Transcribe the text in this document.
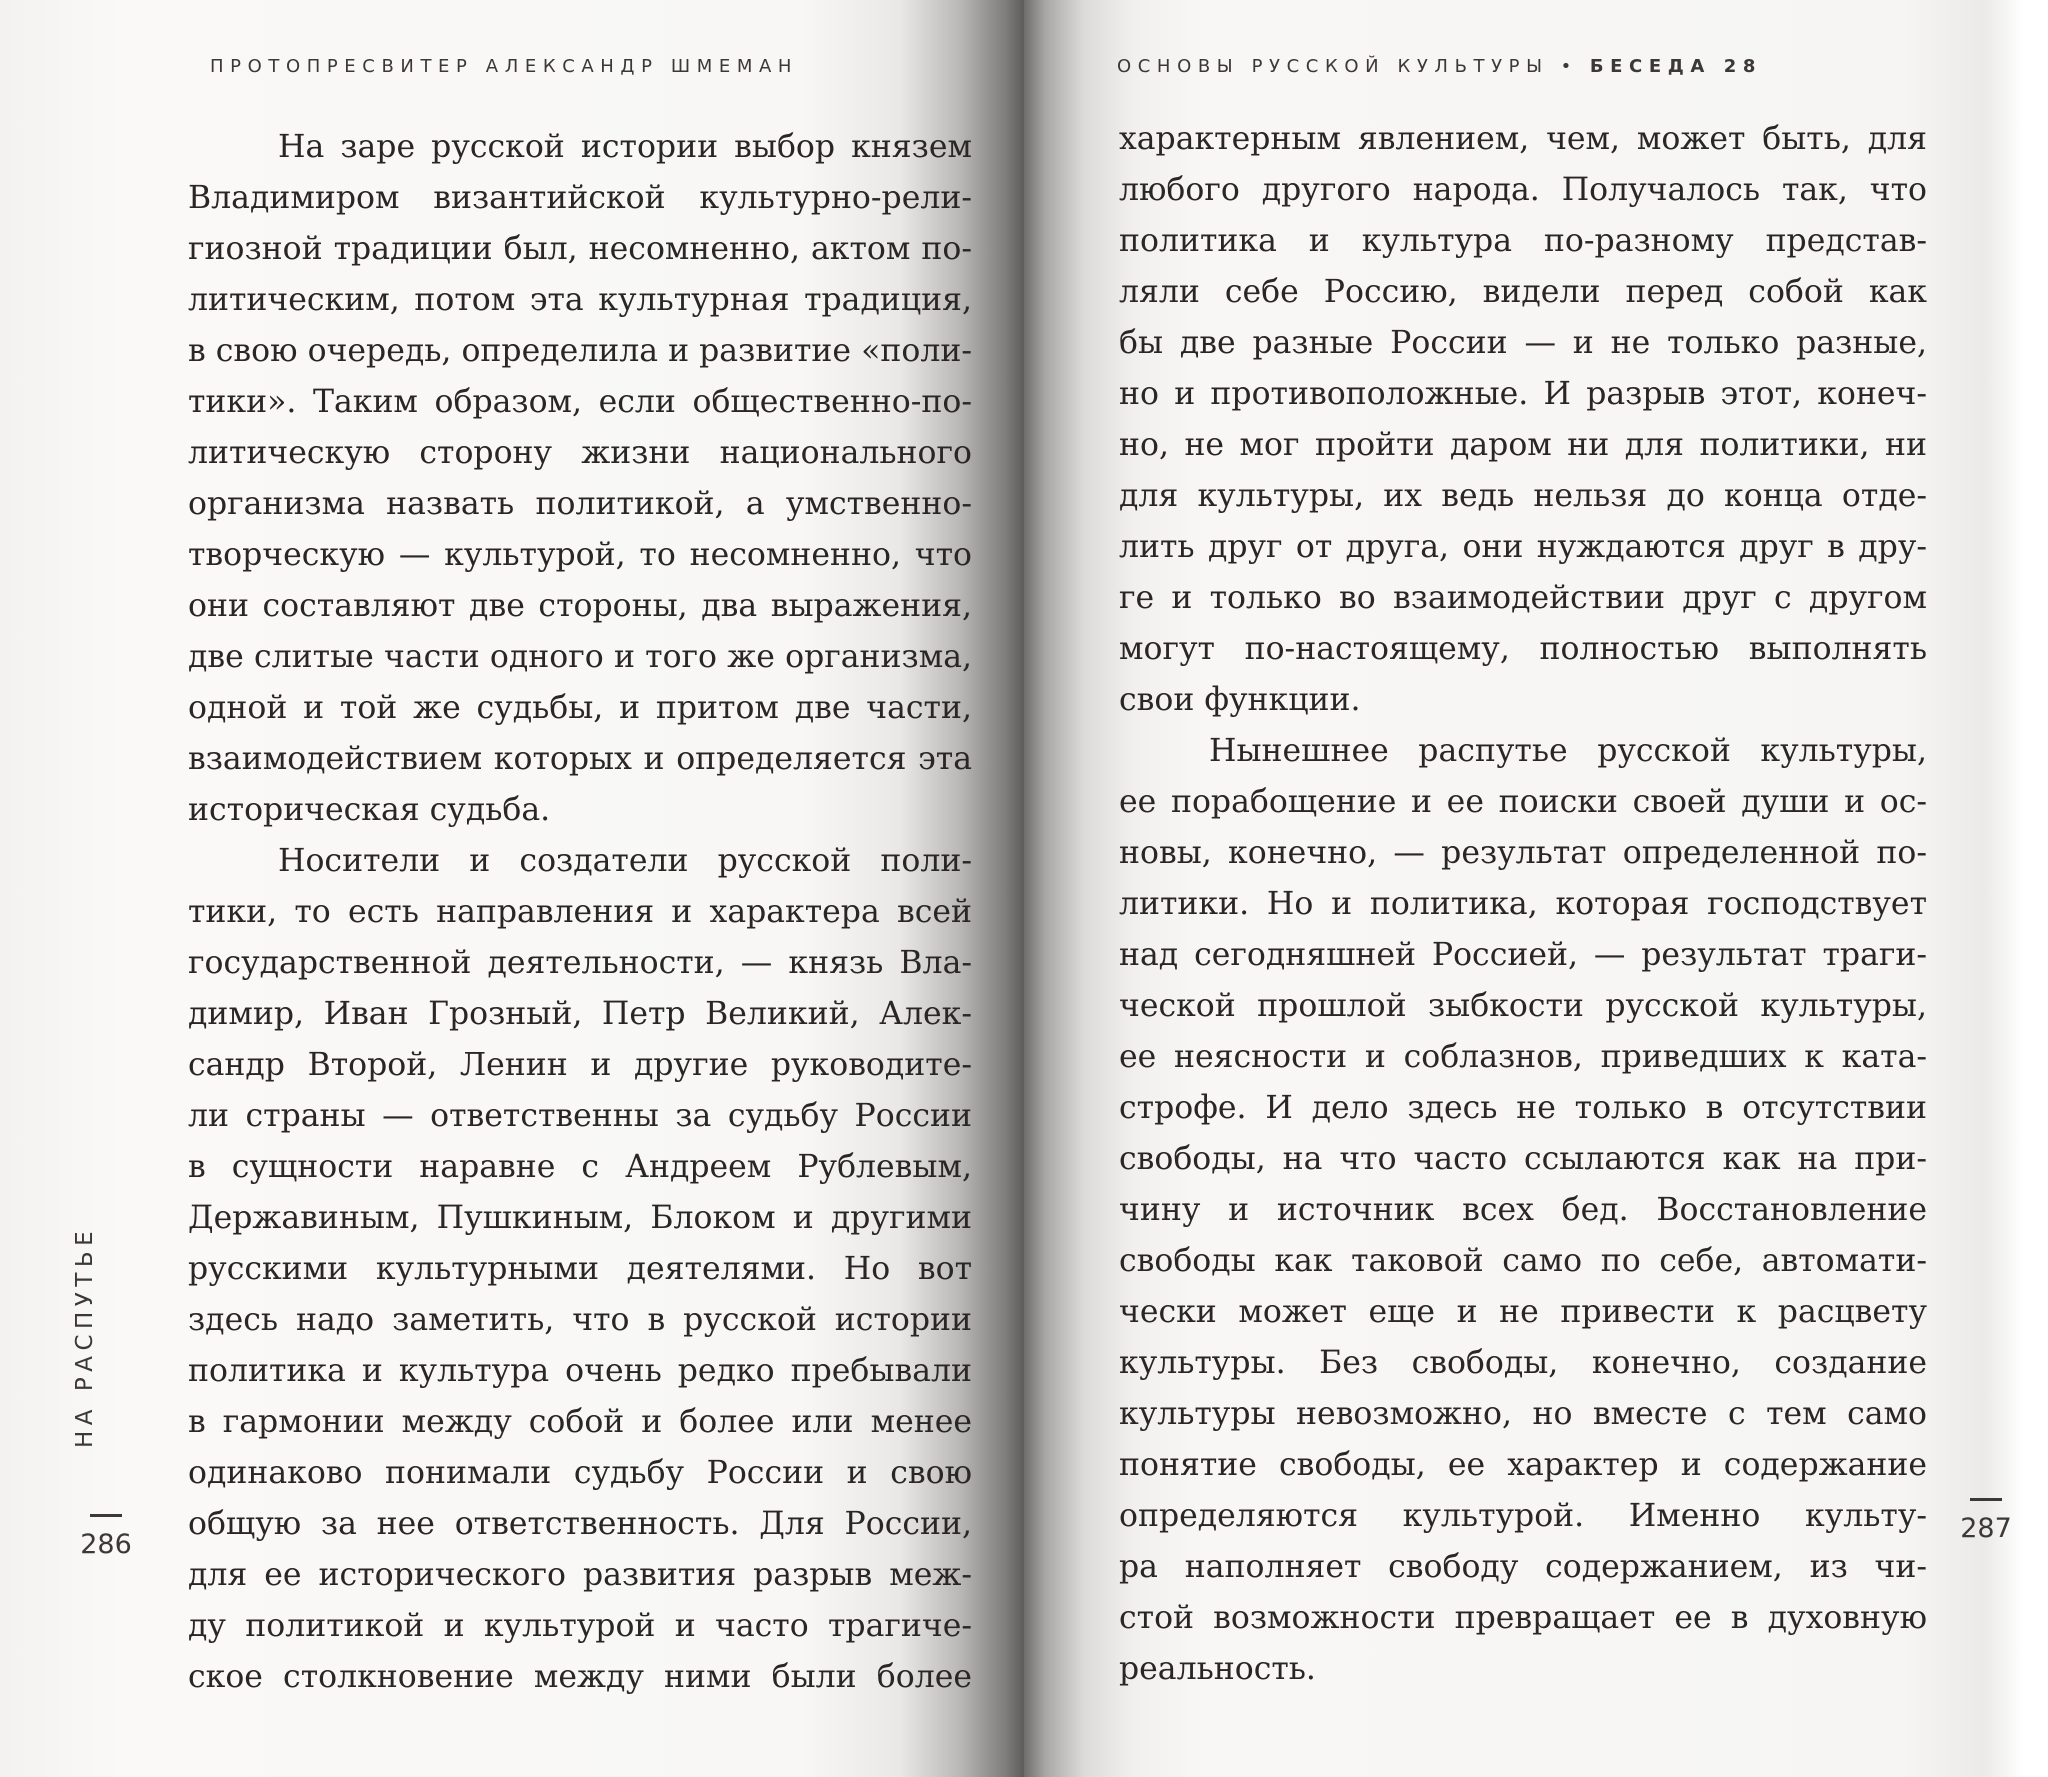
ПРОТОПРЕСВИТЕР АЛЕКСАНДР ШМЕМАН
На заре русской истории выбор князем
Владимиром византийской культурно-рели-
гиозной традиции был, несомненно, актом по-
литическим, потом эта культурная традиция,
в свою очередь, определила и развитие «поли-
тики». Таким образом, если общественно-по-
литическую сторону жизни национального
организма назвать политикой, а умственно-
творческую — культурой, то несомненно, что
они составляют две стороны, два выражения,
две слитые части одного и того же организма,
одной и той же судьбы, и притом две части,
взаимодействием которых и определяется эта
историческая судьба.
Носители и создатели русской поли-
тики, то есть направления и характера всей
государственной деятельности, — князь Вла-
димир, Иван Грозный, Петр Великий, Алек-
сандр Второй, Ленин и другие руководите-
ли страны — ответственны за судьбу России
в сущности наравне с Андреем Рублевым,
Державиным, Пушкиным, Блоком и другими
русскими культурными деятелями. Но вот
здесь надо заметить, что в русской истории
политика и культура очень редко пребывали
в гармонии между собой и более или менее
одинаково понимали судьбу России и свою
общую за нее ответственность. Для России,
для ее исторического развития разрыв меж-
ду политикой и культурой и часто трагиче-
ское столкновение между ними были более
НА РАСПУТЬЕ
286
ОСНОВЫ РУССКОЙ КУЛЬТУРЫ • БЕСЕДА 28
характерным явлением, чем, может быть, для
любого другого народа. Получалось так, что
политика и культура по-разному представ-
ляли себе Россию, видели перед собой как
бы две разные России — и не только разные,
но и противоположные. И разрыв этот, конеч-
но, не мог пройти даром ни для политики, ни
для культуры, их ведь нельзя до конца отде-
лить друг от друга, они нуждаются друг в дру-
ге и только во взаимодействии друг с другом
могут по-настоящему, полностью выполнять
свои функции.
Нынешнее распутье русской культуры,
ее порабощение и ее поиски своей души и ос-
новы, конечно, — результат определенной по-
литики. Но и политика, которая господствует
над сегодняшней Россией, — результат траги-
ческой прошлой зыбкости русской культуры,
ее неясности и соблазнов, приведших к ката-
строфе. И дело здесь не только в отсутствии
свободы, на что часто ссылаются как на при-
чину и источник всех бед. Восстановление
свободы как таковой само по себе, автомати-
чески может еще и не привести к расцвету
культуры. Без свободы, конечно, создание
культуры невозможно, но вместе с тем само
понятие свободы, ее характер и содержание
определяются культурой. Именно культу-
ра наполняет свободу содержанием, из чи-
стой возможности превращает ее в духовную
реальность.
287
